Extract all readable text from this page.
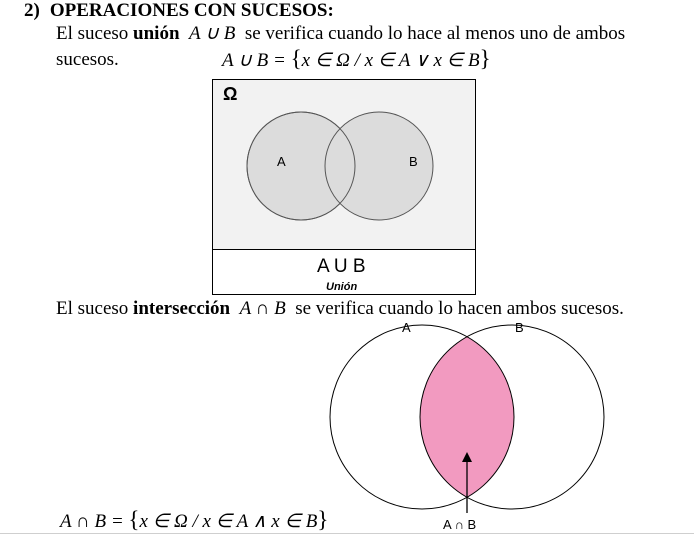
2) OPERACIONES CON SUCESOS:
El suceso unión A ∪ B se verifica cuando lo hace al menos uno de ambos
sucesos.	A ∪ B = {x ∈ Ω / x ∈ A ∨ x ∈ B}
Ω
A	B
A U B
Unión
El suceso intersección A ∩ B se verifica cuando lo hacen ambos sucesos.
A	B
A ∩ B
A ∩ B = {x ∈ Ω / x ∈ A ∧ x ∈ B}
